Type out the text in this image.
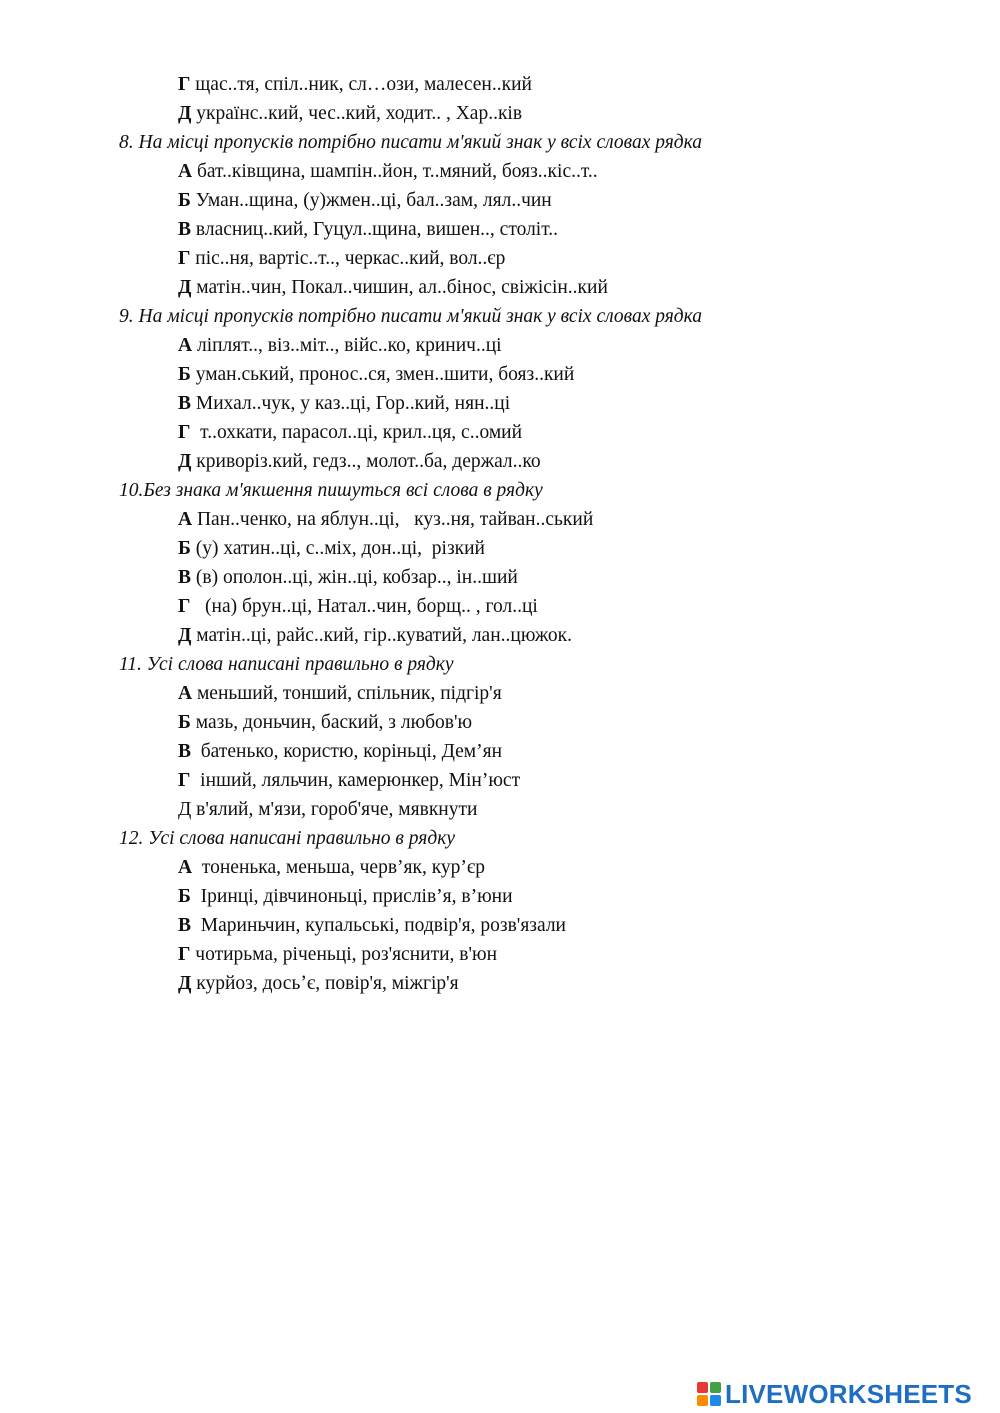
Г щас..тя, спіл..ник, сл…ози, малесен..кий
Д українс..кий, чес..кий, ходит.. , Хар..ків
8. На місці пропусків потрібно писати м'який знак у всіх словах рядка
А бат..ківщина, шампін..йон, т..мяний, бояз..кіс..т..
Б Уман..щина, (у)жмен..ці, бал..зам, лял..чин
В власниц..кий, Гуцул..щина, вишен.., століт..
Г піс..ня, вартіс..т.., черкас..кий, вол..єр
Д матін..чин, Покал..чишин, ал..бінос, свіжісін..кий
9. На місці пропусків потрібно писати м'який знак у всіх словах рядка
А ліплят.., віз..міт.., війс..ко, кринич..ці
Б уман.ський, пронос..ся, змен..шити, бояз..кий
В Михал..чук, у каз..ці, Гор..кий, нян..ці
Г  т..охкати, парасол..ці, крил..ця, с..омий
Д криворіз.кий, гедз.., молот..ба, держал..ко
10.Без знака м'якшення пишуться всі слова в рядку
А Пан..ченко, на яблун..ці,   куз..ня, тайван..ський
Б (у) хатин..ці, с..міх, дон..ці,  різкий
В (в) ополон..ці, жін..ці, кобзар.., ін..ший
Г   (на) брун..ці, Натал..чин, борщ.. , гол..ці
Д матін..ці, райс..кий, гір..куватий, лан..цюжок.
11. Усі слова написані правильно в рядку
А меньший, тонший, спільник, підгір'я
Б мазь, доньчин, баский, з любов'ю
В  батенько, користю, коріньці, Дем’ян
Г  інший, ляльчин, камерюнкер, Мін’юст
Д в'ялий, м'язи, гороб'яче, мявкнути
12. Усі слова написані правильно в рядку
А  тоненька, меньша, черв’як, кур’єр
Б  Іринці, дівчиноньці, прислів’я, в’юни
В  Мариньчин, купальські, подвір'я, розв'язали
Г чотирьма, річеньці, роз'яснити, в'юн
Д курйоз, досьʼє, повір'я, міжгір'я
LIVEWORKSHEETS
